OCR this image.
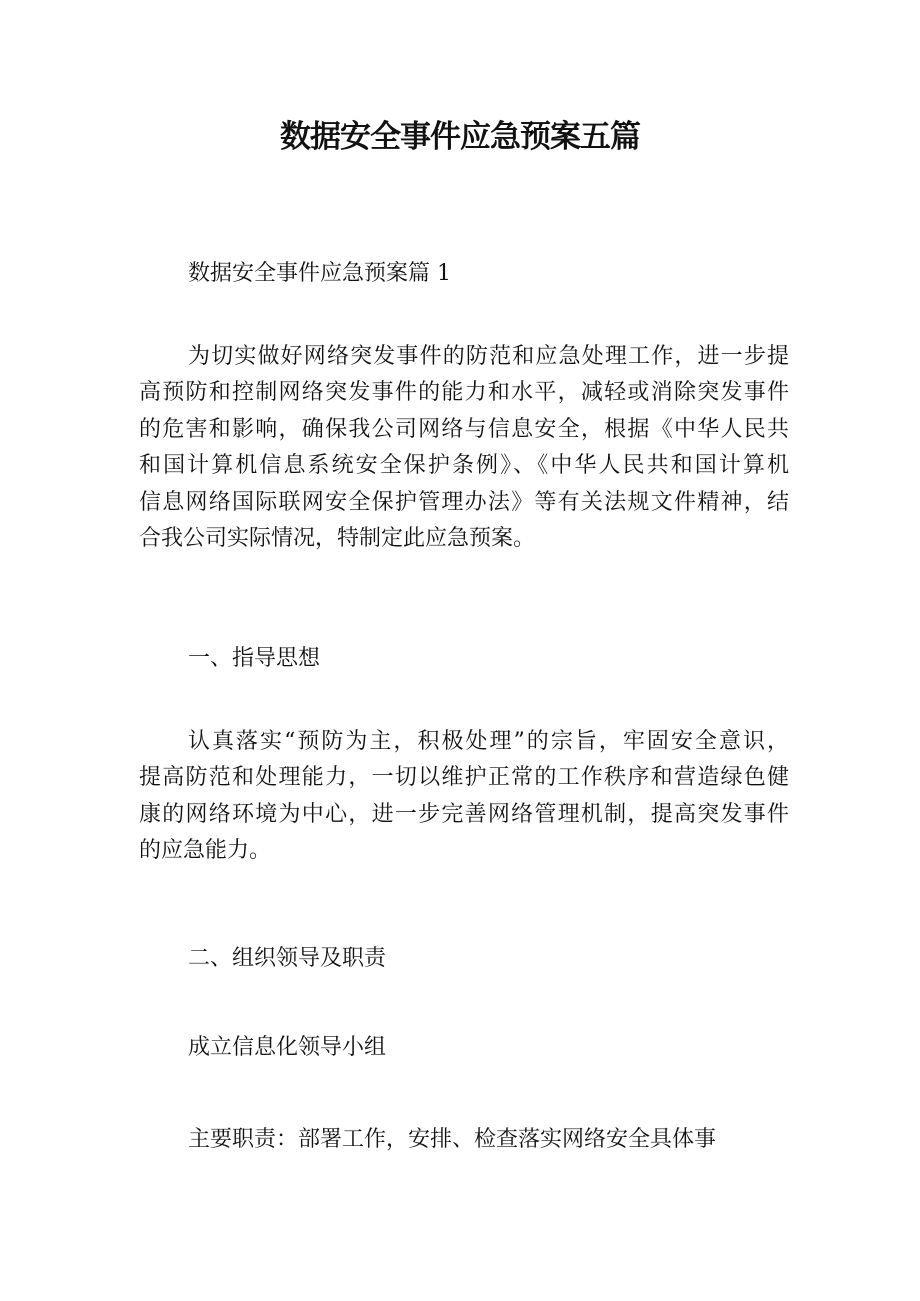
数据安全事件应急预案五篇

数据安全事件应急预案篇 1

为切实做好网络突发事件的防范和应急处理工作，进一步提
高预防和控制网络突发事件的能力和水平，减轻或消除突发事件
的危害和影响，确保我公司网络与信息安全，根据《中华人民共
和国计算机信息系统安全保护条例》、《中华人民共和国计算机
信息网络国际联网安全保护管理办法》等有关法规文件精神，结
合我公司实际情况，特制定此应急预案。

一、指导思想

认真落实“预防为主，积极处理”的宗旨，牢固安全意识，
提高防范和处理能力，一切以维护正常的工作秩序和营造绿色健
康的网络环境为中心，进一步完善网络管理机制，提高突发事件
的应急能力。

二、组织领导及职责

成立信息化领导小组

主要职责：部署工作，安排、检查落实网络安全具体事
